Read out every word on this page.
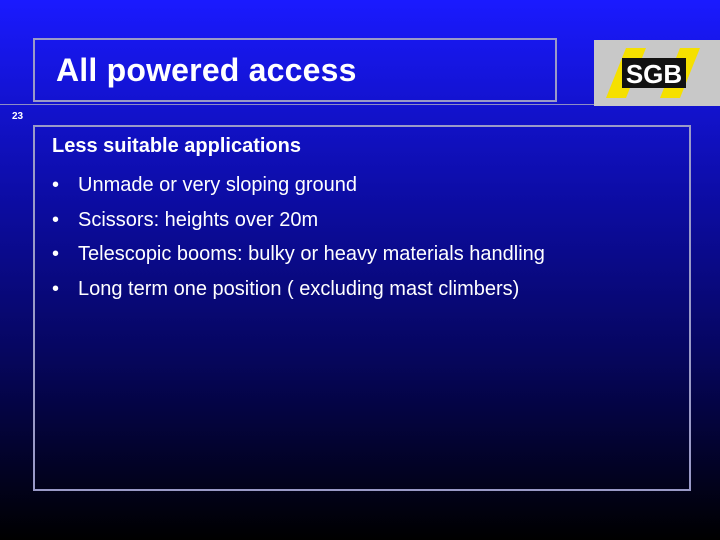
All powered access
23
SGB
Less suitable applications
• Unmade or very sloping ground
• Scissors: heights over 20m
• Telescopic booms: bulky or heavy materials handling
• Long term one position ( excluding mast climbers)
